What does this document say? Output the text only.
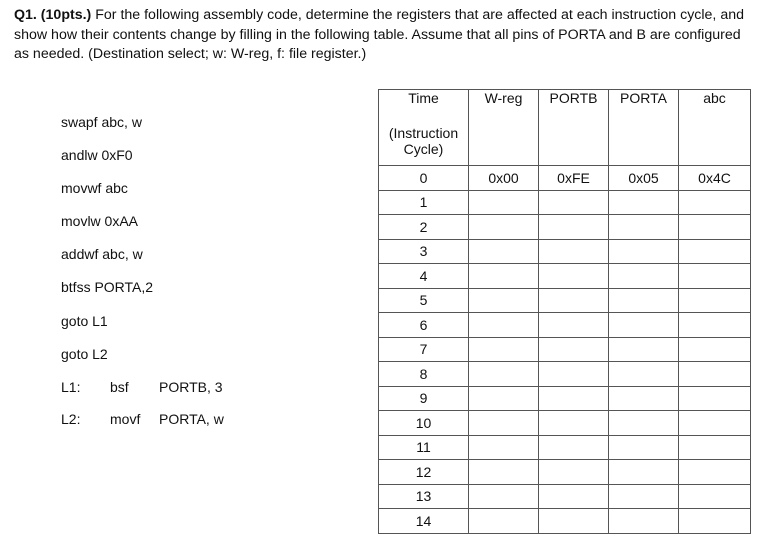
Q1. (10pts.) For the following assembly code, determine the registers that are affected at each instruction cycle, and show how their contents change by filling in the following table. Assume that all pins of PORTA and B are configured as needed. (Destination select; w: W-reg, f: file register.)

swapf abc, w
andlw 0xF0
movwf abc
movlw 0xAA
addwf abc, w
btfss PORTA,2
goto L1
goto L2
L1: bsf PORTB, 3
L2: movf PORTA, w
Time
(Instruction Cycle)	W-reg	PORTB	PORTA	abc
0	0x00	0xFE	0x05	0x4C
1				
2				
3				
4				
5				
6				
7				
8				
9				
10				
11				
12				
13				
14				
